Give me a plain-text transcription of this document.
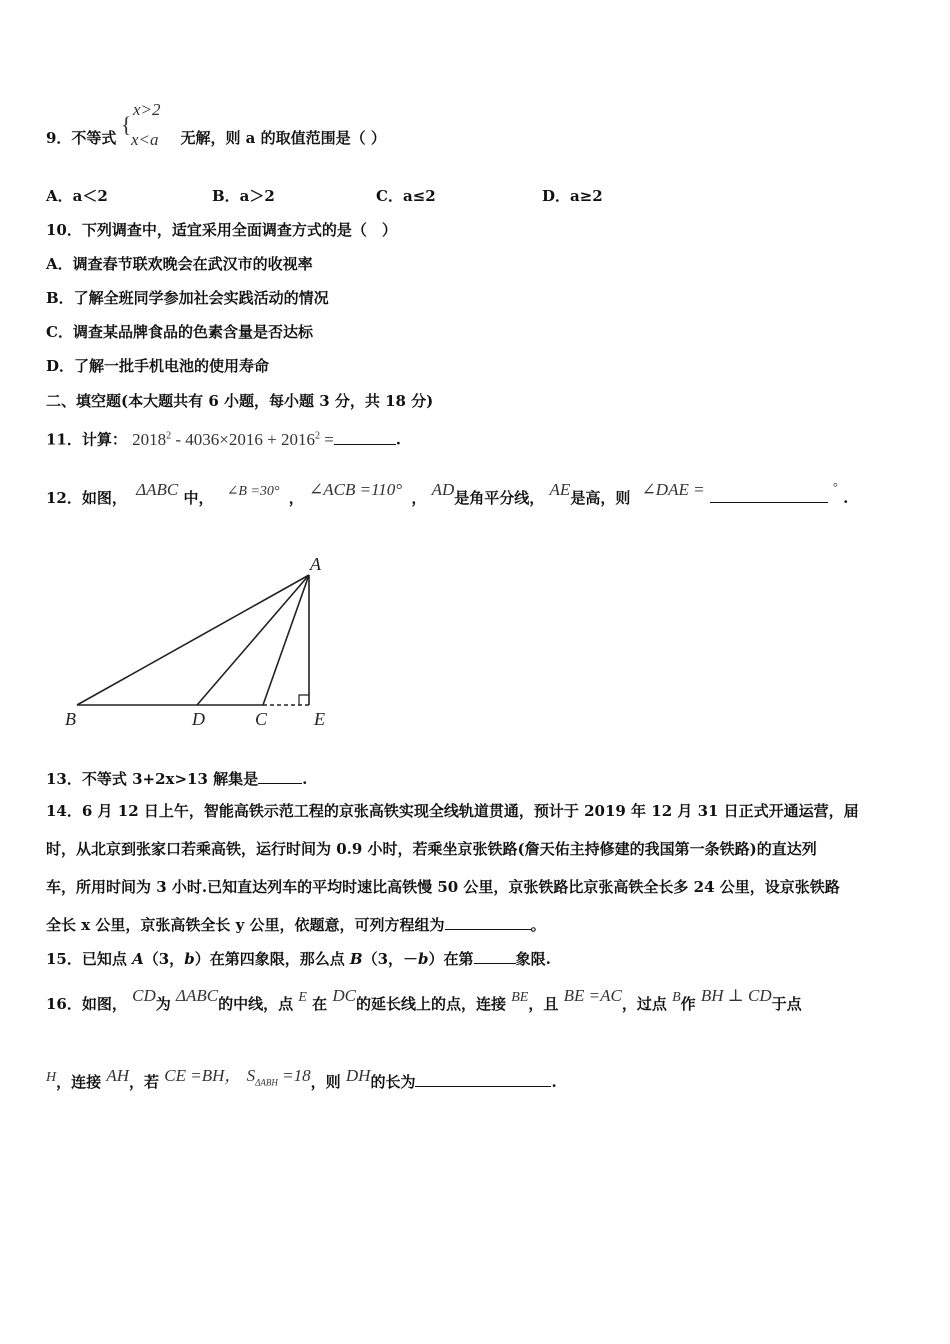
9．不等式	无解，则 a 的取值范围是（ ）
{
x>2
x<a
A．a＜2	B．a＞2	C．a≤2	D．a≥2
10．下列调查中，适宜采用全面调查方式的是（　）
A．调查春节联欢晚会在武汉市的收视率
B．了解全班同学参加社会实践活动的情况
C．调查某品牌食品的色素含量是否达标
D．了解一批手机电池的使用寿命
二、填空题(本大题共有 6 小题，每小题 3 分，共 18 分)
11．计算： $2018^2 - 4036\times 2016 + 2016^2$ =	.
12．如图， ΔABC 中， ∠B =30° ， ∠ACB =110° ， AD是角平分线， AE是高，则 ∠DAE =	° .
A
B	D	C	E
13．不等式 3+2x>13 解集是	.
14．6 月 12 日上午，智能高铁示范工程的京张高铁实现全线轨道贯通，预计于 2019 年 12 月 31 日正式开通运营，届
时，从北京到张家口若乘高铁，运行时间为 0.9 小时，若乘坐京张铁路(詹天佑主持修建的我国第一条铁路)的直达列
车，所用时间为 3 小时.已知直达列车的平均时速比高铁慢 50 公里，京张铁路比京张高铁全长多 24 公里，设京张铁路
全长 x 公里，京张高铁全长 y 公里，依题意，可列方程组为	。
15．已知点 A（3，b）在第四象限，那么点 B（3，－b）在第	象限.
16．如图， CD为 ΔABC的中线，点 E 在 DC的延长线上的点，连接 BE，且 BE =AC，过点 B作 BH ⊥ CD于点
H，连接 AH，若 CE =BH， $S_{\Delta ABH} =18$，则 DH的长为	.
